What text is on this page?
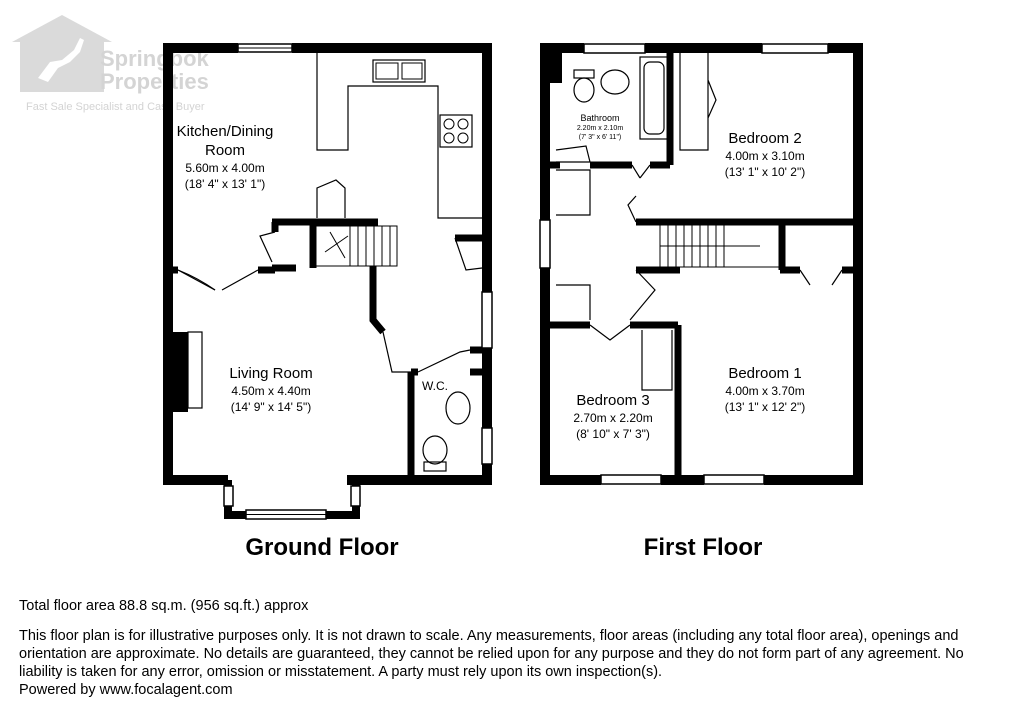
Springbok
Properties
Fast Sale Specialist and Cash Buyer
Kitchen/Dining
Room
5.60m x 4.00m
(18' 4" x 13' 1")
Living Room
4.50m x 4.40m
(14' 9" x 14' 5")
W.C.
Ground Floor
Bathroom
2.20m x 2.10m
(7' 3" x 6' 11")	Bedroom 2
4.00m x 3.10m
(13' 1" x 10' 2")
Bedroom 1
4.00m x 3.70m
(13' 1" x 12' 2")
Bedroom 3
2.70m x 2.20m
(8' 10" x 7' 3")
First Floor
Total floor area 88.8 sq.m. (956 sq.ft.) approx
This floor plan is for illustrative purposes only. It is not drawn to scale. Any measurements, floor areas (including any total floor area), openings and orientation are approximate. No details are guaranteed, they cannot be relied upon for any purpose and they do not form part of any agreement. No liability is taken for any error, omission or misstatement. A party must rely upon its own inspection(s).
Powered by www.focalagent.com
